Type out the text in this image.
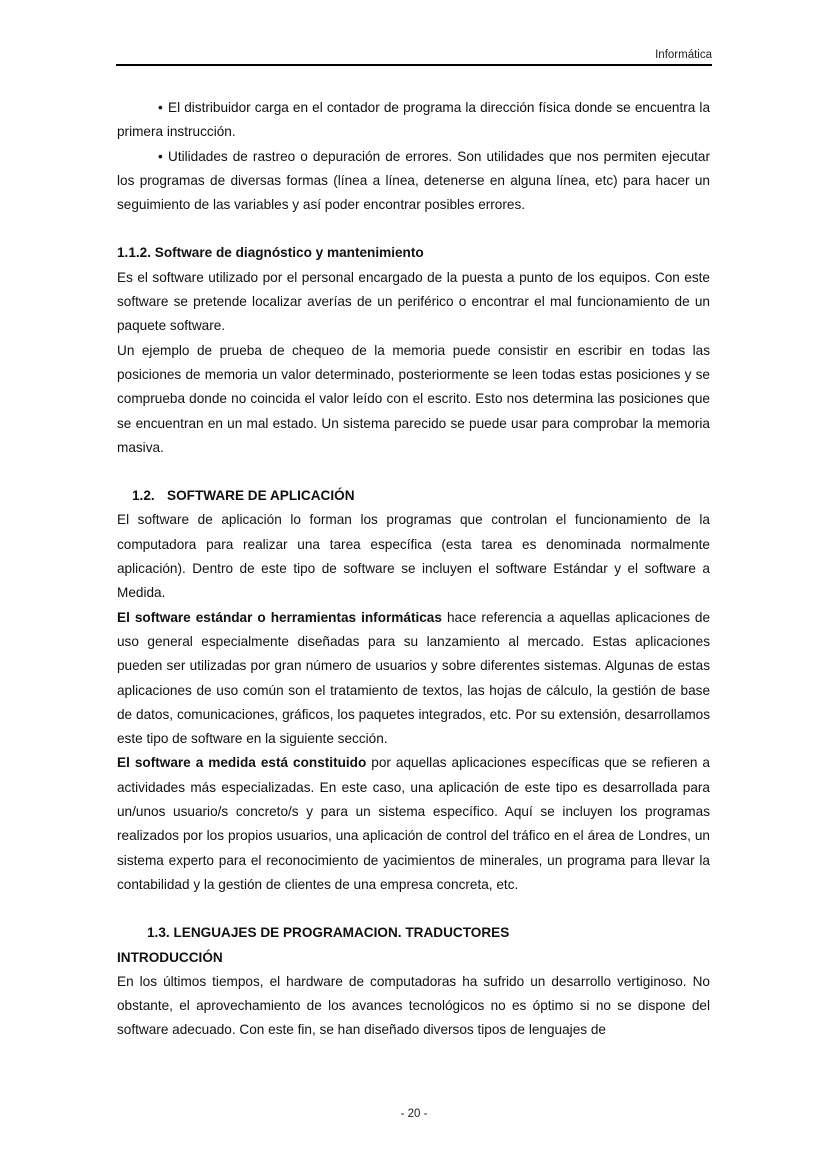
Informática

• El distribuidor carga en el contador de programa la dirección física donde se encuentra la primera instrucción.

• Utilidades de rastreo o depuración de errores. Son utilidades que nos permiten ejecutar los programas de diversas formas (línea a línea, detenerse en alguna línea, etc) para hacer un seguimiento de las variables y así poder encontrar posibles errores.

1.1.2. Software de diagnóstico y mantenimiento

Es el software utilizado por el personal encargado de la puesta a punto de los equipos. Con este software se pretende localizar averías de un periférico o encontrar el mal funcionamiento de un paquete software.

Un ejemplo de prueba de chequeo de la memoria puede consistir en escribir en todas las posiciones de memoria un valor determinado, posteriormente se leen todas estas posiciones y se comprueba donde no coincida el valor leído con el escrito. Esto nos determina las posiciones que se encuentran en un mal estado. Un sistema parecido se puede usar para comprobar la memoria masiva.

1.2. SOFTWARE DE APLICACIÓN

El software de aplicación lo forman los programas que controlan el funcionamiento de la computadora para realizar una tarea específica (esta tarea es denominada normalmente aplicación). Dentro de este tipo de software se incluyen el software Estándar y el software a Medida.

El software estándar o herramientas informáticas hace referencia a aquellas aplicaciones de uso general especialmente diseñadas para su lanzamiento al mercado. Estas aplicaciones pueden ser utilizadas por gran número de usuarios y sobre diferentes sistemas. Algunas de estas aplicaciones de uso común son el tratamiento de textos, las hojas de cálculo, la gestión de base de datos, comunicaciones, gráficos, los paquetes integrados, etc. Por su extensión, desarrollamos este tipo de software en la siguiente sección.

El software a medida está constituido por aquellas aplicaciones específicas que se refieren a actividades más especializadas. En este caso, una aplicación de este tipo es desarrollada para un/unos usuario/s concreto/s y para un sistema específico. Aquí se incluyen los programas realizados por los propios usuarios, una aplicación de control del tráfico en el área de Londres, un sistema experto para el reconocimiento de yacimientos de minerales, un programa para llevar la contabilidad y la gestión de clientes de una empresa concreta, etc.

1.3. LENGUAJES DE PROGRAMACION. TRADUCTORES

INTRODUCCIÓN

En los últimos tiempos, el hardware de computadoras ha sufrido un desarrollo vertiginoso. No obstante, el aprovechamiento de los avances tecnológicos no es óptimo si no se dispone del software adecuado. Con este fin, se han diseñado diversos tipos de lenguajes de

- 20 -
